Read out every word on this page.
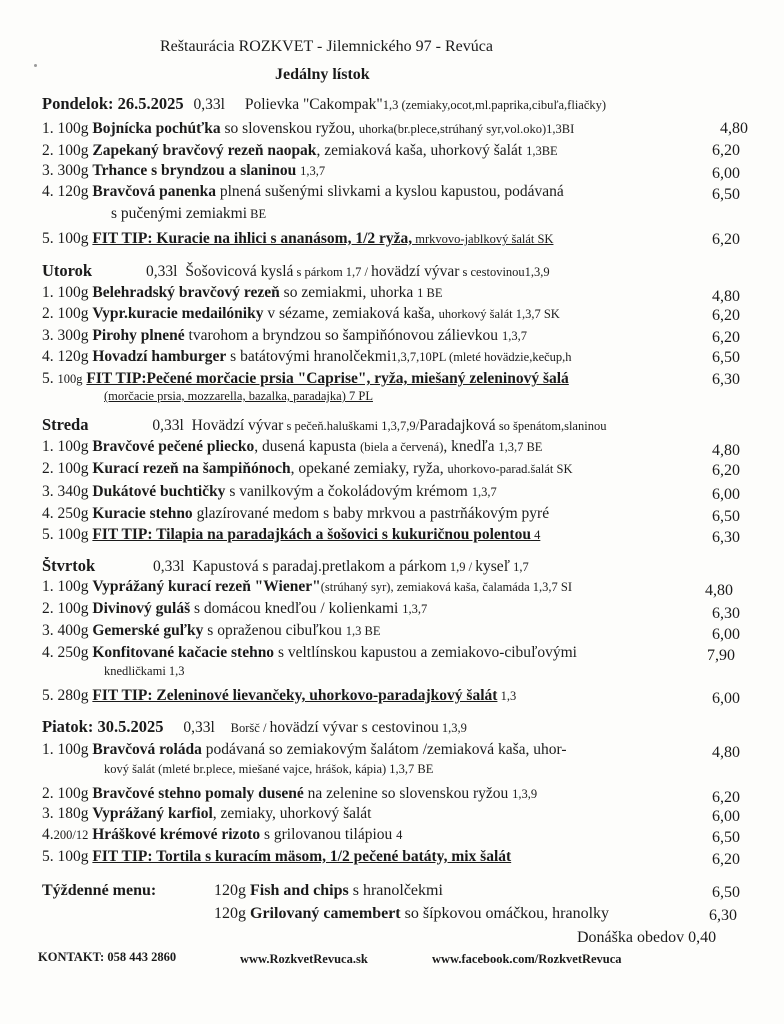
Reštaurácia ROZKVET - Jilemnického 97 - Revúca
Jedálny lístok
Pondelok: 26.5.2025 0,33l Polievka "Cakompak"1,3 (zemiaky,ocot,ml.paprika,cibuľa,fliačky)
1. 100g Bojnícka pochúťka so slovenskou ryžou, uhorka(br.plece,strúhaný syr,vol.oko)1,3BI	4,80
2. 100g Zapekaný bravčový rezeň naopak, zemiaková kaša, uhorkový šalát 1,3BE	6,20
3. 300g Trhance s bryndzou a slaninou 1,3,7	6,00
4. 120g Bravčová panenka plnená sušenými slivkami a kyslou kapustou, podávaná	6,50
s pučenými zemiakmi BE
5. 100g FIT TIP: Kuracie na ihlici s ananásom, 1/2 ryža, mrkvovo-jablkový šalát SK	6,20
Utorok	0,33l Šošovicová kyslá s párkom 1,7 / hovädzí vývar s cestovinou1,3,9
1. 100g Belehradský bravčový rezeň so zemiakmi, uhorka 1 BE	4,80
2. 100g Vypr.kuracie medailóniky v sézame, zemiaková kaša, uhorkový šalát 1,3,7 SK	6,20
3. 300g Pirohy plnené tvarohom a bryndzou so šampiňónovou zálievkou 1,3,7	6,20
4. 120g Hovadzí hamburger s batátovými hranolčekmi1,3,7,10PL (mleté hovädzie,kečup,h	6,50
5. 100g FIT TIP:Pečené morčacie prsia "Caprise", ryža, miešaný zeleninový šalá	6,30
(morčacie prsia, mozzarella, bazalka, paradajka) 7 PL
Streda	0,33l Hovädzí vývar s pečeň.haluškami 1,3,7,9/Paradajková so špenátom,slaninou
1. 100g Bravčové pečené pliecko, dusená kapusta (biela a červená), knedľa 1,3,7 BE	4,80
2. 100g Kurací rezeň na šampiňónoch, opekané zemiaky, ryža, uhorkovo-parad.šalát SK	6,20
3. 340g Dukátové buchtičky s vanilkovým a čokoládovým krémom 1,3,7	6,00
4. 250g Kuracie stehno glazírované medom s baby mrkvou a pastrňákovým pyré	6,50
5. 100g FIT TIP: Tilapia na paradajkách a šošovici s kukuričnou polentou 4	6,30
Štvrtok	0,33l Kapustová s paradaj.pretlakom a párkom 1,9 / kyseľ 1,7
1. 100g Vyprážaný kurací rezeň "Wiener"(strúhaný syr), zemiaková kaša, čalamáda 1,3,7 SI	4,80
2. 100g Divinový guláš s domácou knedľou / kolienkami 1,3,7	6,30
3. 400g Gemerské guľky s opraženou cibuľkou 1,3 BE	6,00
4. 250g Konfitované kačacie stehno s veltlínskou kapustou a zemiakovo-cibuľovými	7,90
knedličkami 1,3
5. 280g FIT TIP: Zeleninové lievančeky, uhorkovo-paradajkový šalát 1,3	6,00
Piatok: 30.5.2025 0,33l Boršč / hovädzí vývar s cestovinou 1,3,9
1. 100g Bravčová roláda podávaná so zemiakovým šalátom /zemiaková kaša, uhor-	4,80
kový šalát (mleté br.plece, miešané vajce, hrášok, kápia) 1,3,7 BE
2. 100g Bravčové stehno pomaly dusené na zelenine so slovenskou ryžou 1,3,9	6,20
3. 180g Vyprážaný karfiol, zemiaky, uhorkový šalát	6,00
4.200/12 Hráškové krémové rizoto s grilovanou tilápiou 4	6,50
5. 100g FIT TIP: Tortila s kuracím mäsom, 1/2 pečené batáty, mix šalát	6,20
Týždenné menu:	120g Fish and chips s hranolčekmi	6,50
120g Grilovaný camembert so šípkovou omáčkou, hranolky	6,30
Donáška obedov 0,40
KONTAKT: 058 443 2860	www.RozkvetRevuca.sk	www.facebook.com/RozkvetRevuca
